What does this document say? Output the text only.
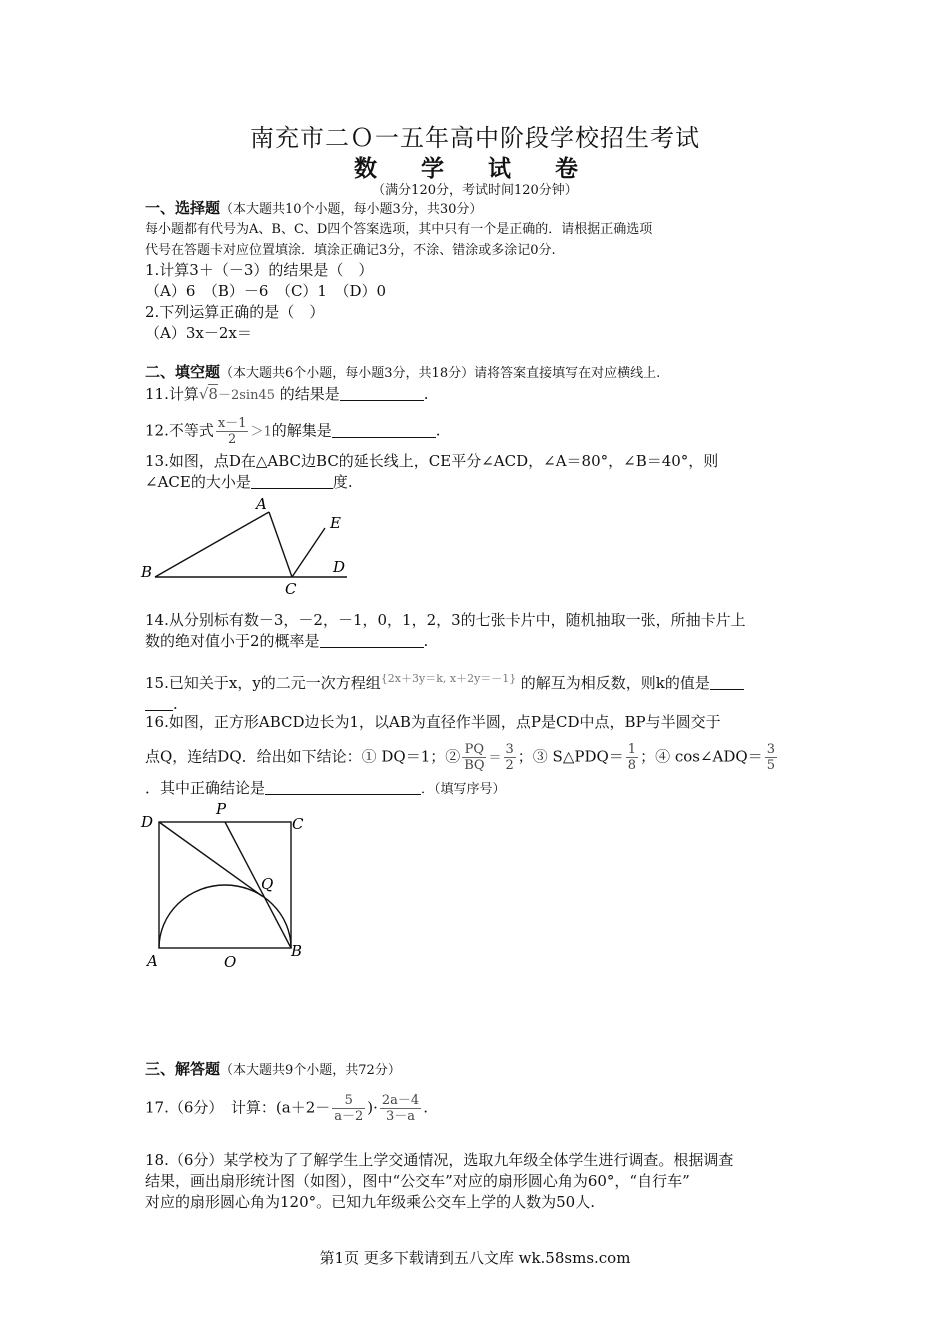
南充市二Ｏ一五年高中阶段学校招生考试
数 学 试 卷
（满分120分，考试时间120分钟）
一、选择题（本大题共10个小题，每小题3分，共30分）
每小题都有代号为A、B、C、D四个答案选项，其中只有一个是正确的．请根据正确选项
代号在答题卡对应位置填涂．填涂正确记3分，不涂、错涂或多涂记0分.
1.计算3＋（－3）的结果是（　）
（A）6　（B）－6　（C）1　（D）0
2.下列运算正确的是（　）
（A）3x－2x＝
二、填空题（本大题共6个小题，每小题3分，共18分）请将答案直接填写在对应横线上.
11.计算√8－2sin45 的结果是	.
12.不等式 $\frac{x-1}{2} >1$的解集是	.
13.如图，点D在△ABC边BC的延长线上，CE平分∠ACD，∠A＝80°，∠B＝40°，则
∠ACE的大小是	度.
A
B
C
D
E
14.从分别标有数－3，－2，－1，0，1，2，3的七张卡片中，随机抽取一张，所抽卡片上
数的绝对值小于2的概率是	.
15.已知关于x，y的二元一次方程组{2x＋3y＝k, x＋2y＝－1} 的解互为相反数，则k的值是
.
16.如图，正方形ABCD边长为1，以AB为直径作半圆，点P是CD中点，BP与半圆交于
点Q，连结DQ．给出如下结论：① DQ＝1；② $\frac{PQ}{BQ} = \frac{3}{2}$ ；③ S△PDQ＝ $\frac{1}{8}$ ；④ cos∠ADQ＝ $\frac{3}{5}$
．其中正确结论是	．（填写序号）
D
P
C
Q
A	O
B
三、解答题（本大题共9个小题，共72分）
17.（6分）　计算：($a+2- \frac{5}{a-2}$ )· $\frac{2a-4}{3-a}$ .
18.（6分）某学校为了了解学生上学交通情况，选取九年级全体学生进行调查。根据调查
结果，画出扇形统计图（如图），图中“公交车”对应的扇形圆心角为60°，“自行车”
对应的扇形圆心角为120°。已知九年级乘公交车上学的人数为50人.
第1页 更多下载请到五八文库 wk.58sms.com
